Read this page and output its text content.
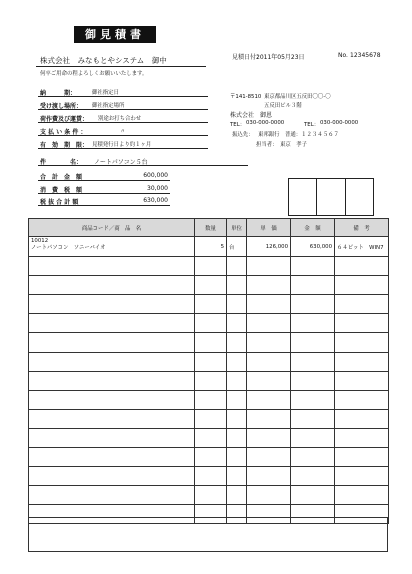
御見積書
見積日付：
2011年05月23日	No. 12345678
株式会社　みなもとやシステム　御中
何卒ご用命の程よろしくお願いいたします。
納　　　期：	御社指定日
受け渡し場所： 御社指定場所
荷作費及び運賃： 別途お打ち合わせ
支 払 い 条 件 ：	〃
有　効　期　限： 見積発行日より約１ヶ月
件　　　　名： ノートパソコン５台
合　計　金　額	600,000
消　費　税　額	30,000
税 抜 合 計 額	630,000
〒141-8510 東京都品川区五反田〇〇-〇
五反田ビル３階
株式会社　御恩
TEL： 030-000-0000	TEL： 030-000-0000
振込先： 東邦銀行　普通：１２３４５６７
担当者： 東京　孝子
商品コード／商　品　名	数量	単位	単　価	金　額	備　考

10012
ノートパソコン　ソニーバイオ	5	台	126,000	630,000	６４ビット　WIN7
